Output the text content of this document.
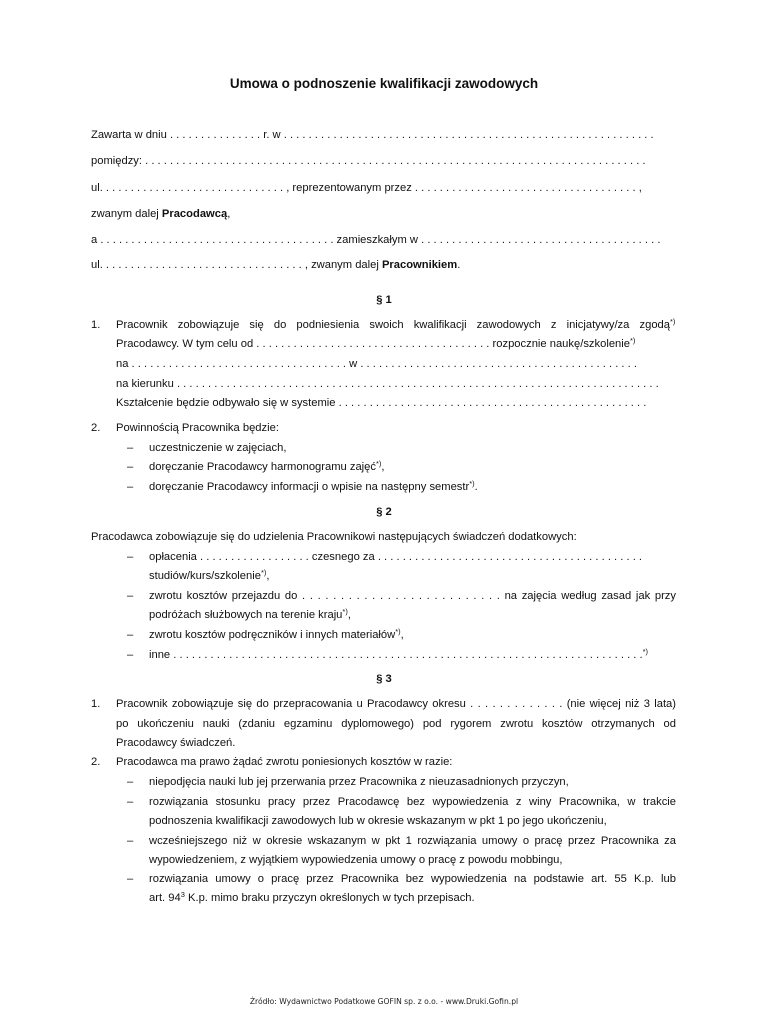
Umowa o podnoszenie kwalifikacji zawodowych
Zawarta w dniu . . . . . . . . . . . . . . . r. w . . . . . . . . . . . . . . . . . . . . . . . . . . . . . . . . . . . . . . . . . . . . . . . . . . . . . . . . . . . .
pomiędzy: . . . . . . . . . . . . . . . . . . . . . . . . . . . . . . . . . . . . . . . . . . . . . . . . . . . . . . . . . . . . . . . . . . . . . . . . . . . . . . . . .
ul. . . . . . . . . . . . . . . . . . . . . . . . . . . . . . , reprezentowanym przez . . . . . . . . . . . . . . . . . . . . . . . . . . . . . . . . . . . . ,
zwanym dalej Pracodawcą,
a . . . . . . . . . . . . . . . . . . . . . . . . . . . . . . . . . . . . . . zamieszkałym w . . . . . . . . . . . . . . . . . . . . . . . . . . . . . . . . . . . . . . .
ul. . . . . . . . . . . . . . . . . . . . . . . . . . . . . . . . . , zwanym dalej Pracownikiem.
§ 1
1. Pracownik zobowiązuje się do podniesienia swoich kwalifikacji zawodowych z inicjatywy/za zgodą *)
Pracodawcy. W tym celu od . . . . . . . . . . . . . . . . . . . . . . . . . . . . . . . . . . . . . . rozpocznie naukę/szkolenie*)
na . . . . . . . . . . . . . . . . . . . . . . . . . . . . . . . . . . . w . . . . . . . . . . . . . . . . . . . . . . . . . . . . . . . . . . . . . . . . . . . . .
na kierunku . . . . . . . . . . . . . . . . . . . . . . . . . . . . . . . . . . . . . . . . . . . . . . . . . . . . . . . . . . . . . . . . . . . . . . . . . . . . . .
Kształcenie będzie odbywało się w systemie . . . . . . . . . . . . . . . . . . . . . . . . . . . . . . . . . . . . . . . . . . . . . . . . . .
2. Powinnością Pracownika będzie:
– uczestniczenie w zajęciach,
– doręczanie Pracodawcy harmonogramu zajęć*),
– doręczanie Pracodawcy informacji o wpisie na następny semestr*).
§ 2
Pracodawca zobowiązuje się do udzielenia Pracownikowi następujących świadczeń dodatkowych:
– opłacenia . . . . . . . . . . . . . . . . . . czesnego za . . . . . . . . . . . . . . . . . . . . . . . . . . . . . . . . . . . . . . . . . . .
studiów/kurs/szkolenie*),
– zwrotu kosztów przejazdu do . . . . . . . . . . . . . . . . . . . . . . . . . . na zajęcia według zasad jak przy
podróżach służbowych na terenie kraju*),
– zwrotu kosztów podręczników i innych materiałów*),
– inne . . . . . . . . . . . . . . . . . . . . . . . . . . . . . . . . . . . . . . . . . . . . . . . . . . . . . . . . . . . . . . . . . . . . . . . . . . . .*)
§ 3
1. Pracownik zobowiązuje się do przepracowania u Pracodawcy okresu . . . . . . . . . . . . . (nie więcej niż 3 lata)
po ukończeniu nauki (zdaniu egzaminu dyplomowego) pod rygorem zwrotu kosztów otrzymanych od
Pracodawcy świadczeń.
2. Pracodawca ma prawo żądać zwrotu poniesionych kosztów w razie:
– niepodjęcia nauki lub jej przerwania przez Pracownika z nieuzasadnionych przyczyn,
– rozwiązania stosunku pracy przez Pracodawcę bez wypowiedzenia z winy Pracownika, w trakcie
podnoszenia kwalifikacji zawodowych lub w okresie wskazanym w pkt 1 po jego ukończeniu,
– wcześniejszego niż w okresie wskazanym w pkt 1 rozwiązania umowy o pracę przez Pracownika za
wypowiedzeniem, z wyjątkiem wypowiedzenia umowy o pracę z powodu mobbingu,
– rozwiązania umowy o pracę przez Pracownika bez wypowiedzenia na podstawie art. 55 K.p. lub
art. $94^3$ K.p. mimo braku przyczyn określonych w tych przepisach.
Źródło: Wydawnictwo Podatkowe GOFIN sp. z o.o. - www.Druki.Gofin.pl
